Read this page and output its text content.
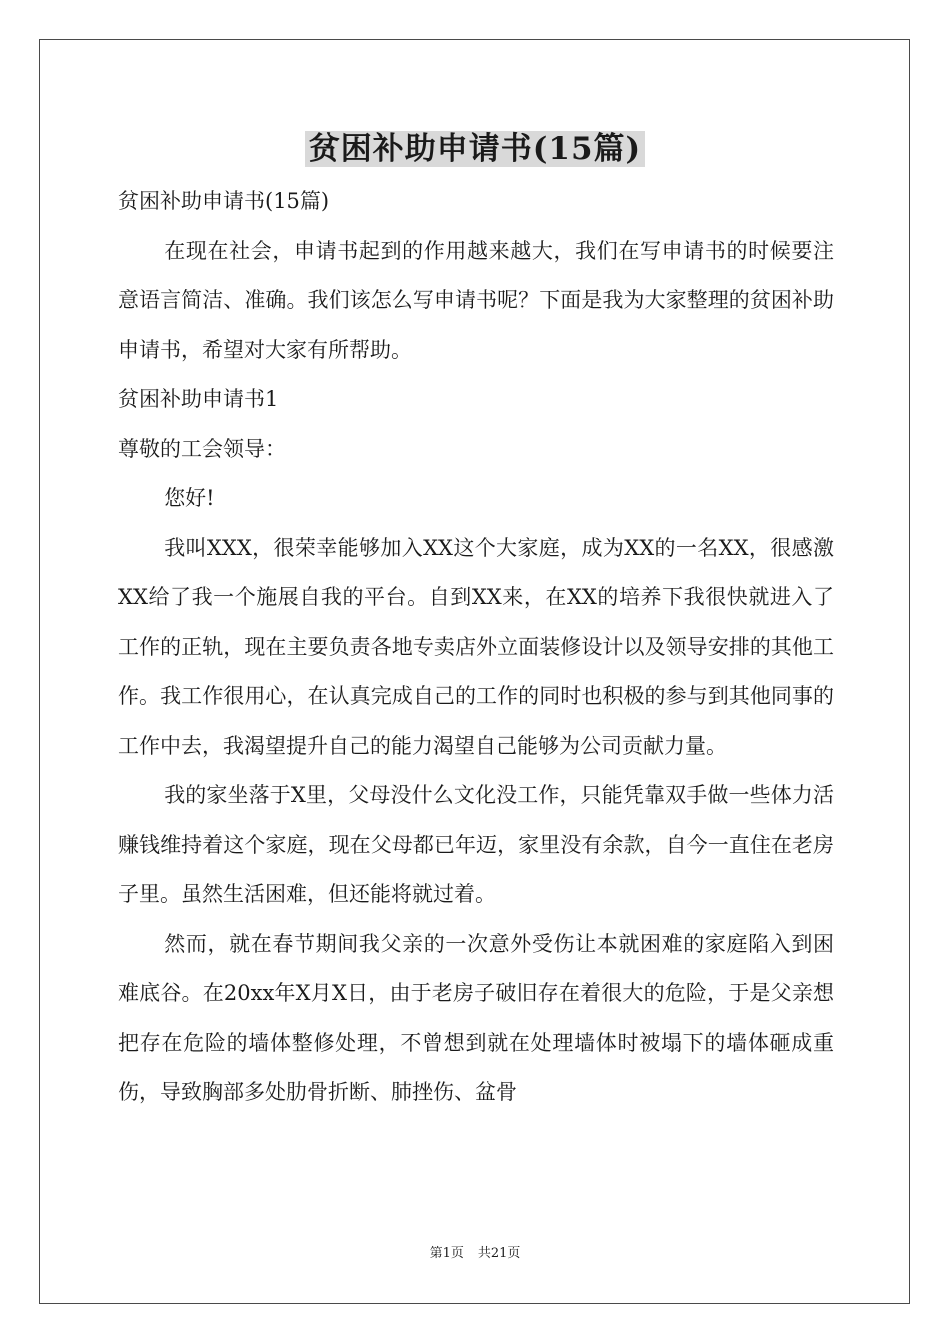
贫困补助申请书(15篇)

贫困补助申请书(15篇)

在现在社会，申请书起到的作用越来越大，我们在写申请书的时候要注意语言简洁、准确。我们该怎么写申请书呢？下面是我为大家整理的贫困补助申请书，希望对大家有所帮助。

贫困补助申请书1

尊敬的工会领导：

您好!

我叫XXX，很荣幸能够加入XX这个大家庭，成为XX的一名XX，很感激XX给了我一个施展自我的平台。自到XX来，在XX的培养下我很快就进入了工作的正轨，现在主要负责各地专卖店外立面装修设计以及领导安排的其他工作。我工作很用心，在认真完成自己的工作的同时也积极的参与到其他同事的工作中去，我渴望提升自己的能力渴望自己能够为公司贡献力量。

我的家坐落于X里，父母没什么文化没工作，只能凭靠双手做一些体力活赚钱维持着这个家庭，现在父母都已年迈，家里没有余款，自今一直住在老房子里。虽然生活困难，但还能将就过着。

然而，就在春节期间我父亲的一次意外受伤让本就困难的家庭陷入到困难底谷。在20xx年X月X日，由于老房子破旧存在着很大的危险，于是父亲想把存在危险的墙体整修处理，不曾想到就在处理墙体时被塌下的墙体砸成重伤，导致胸部多处肋骨折断、肺挫伤、盆骨

第1页 共21页
